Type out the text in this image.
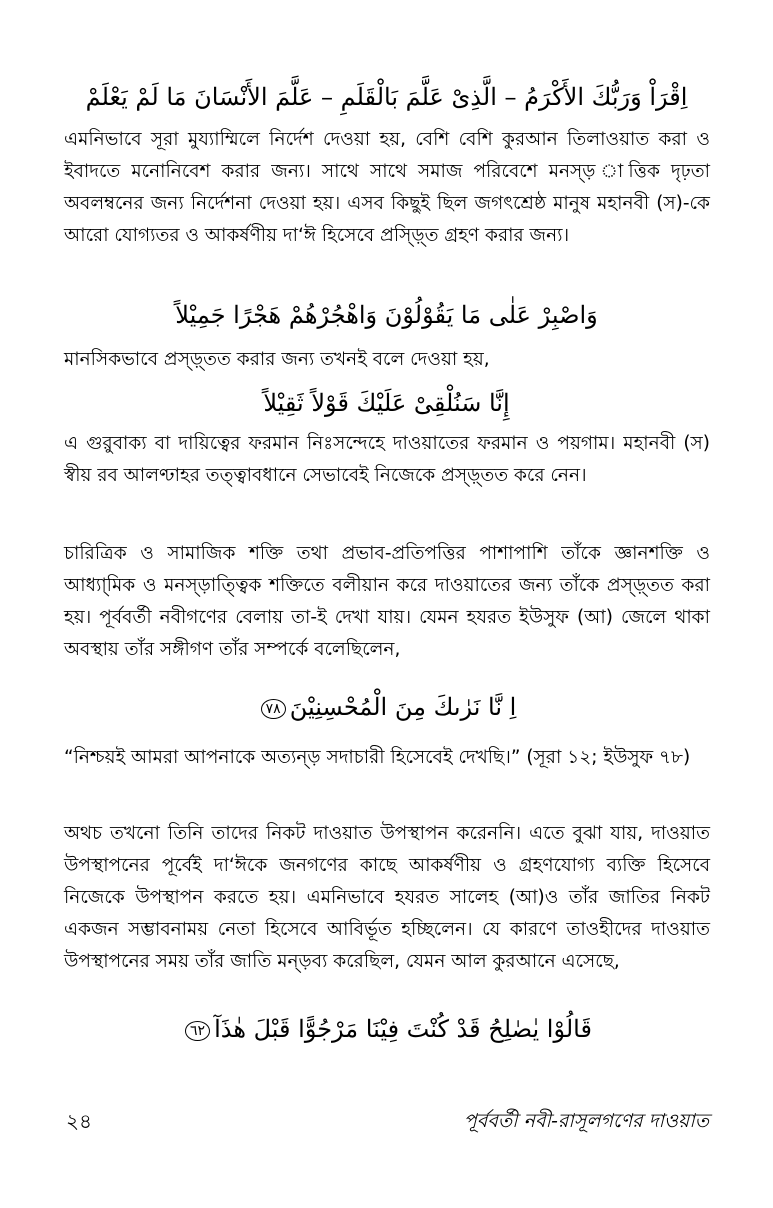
اِقْرَاْ وَرَبُّكَ الأَكْرَمُ – الَّذِىْ عَلَّمَ بَالْقَلَمِ – عَلَّمَ الأَنْسَانَ مَا لَمْ يَعْلَمْ

এমনিভাবে সূরা মুয্যাম্মিলে নির্দেশ দেওয়া হয়, বেশি বেশি কুরআন তিলাওয়াত করা ও ইবাদতে মনোনিবেশ করার জন্য। সাথে সাথে সমাজ পরিবেশে মনস্ড় াত্তিক দৃঢ়তা অবলম্বনের জন্য নির্দেশনা দেওয়া হয়। এসব কিছুই ছিল জগৎশ্রেষ্ঠ মানুষ মহানবী (স)-কে আরো যোগ্যতর ও আকর্ষণীয় দা‘ঈ হিসেবে প্রস্ড়্তি গ্রহণ করার জন্য।

وَاصْبِرْ عَلٰى مَا يَقُوْلُوْنَ وَاهْجُرْهُمْ هَجْرًا جَمِيْلاً

মানসিকভাবে প্রস্ড়্তত করার জন্য তখনই বলে দেওয়া হয়,

إِنَّا سَنُلْقِىْ عَلَيْكَ قَوْلاً ثَقِيْلاً

এ গুর‍ুবাক্য বা দায়িত্বের ফরমান নিঃসন্দেহে দাওয়াতের ফরমান ও পয়গাম। মহানবী (স) স্বীয় রব আলণ্ঢাহর তত্ত্বাবধানে সেভাবেই নিজেকে প্রস্ড়্তত করে নেন।

চারিত্রিক ও সামাজিক শক্তি তথা প্রভাব-প্রতিপত্তির পাশাপাশি তাঁকে জ্ঞানশক্তি ও আধ্যা্মিক ও মনস্ড়াত্ত্বিক শক্তিতে বলীয়ান করে দাওয়াতের জন্য তাঁকে প্রস্ড়্তত করা হয়। পূর্ববর্তী নবীগণের বেলায় তা-ই দেখা যায়। যেমন হযরত ইউসুফ (আ) জেলে থাকা অবস্থায় তাঁর সঙ্গীগণ তাঁর সম্পর্কে বলেছিলেন,

اِ نَّا نَرٰىكَ مِنَ الْمُحْسِنِيْنَ٧٨

“নিশ্চয়ই আমরা আপনাকে অত্যন্ড় সদাচারী হিসেবেই দেখছি।” (সূরা ১২; ইউসুফ ৭৮)

অথচ তখনো তিনি তাদের নিকট দাওয়াত উপস্থাপন করেননি। এতে বুঝা যায়, দাওয়াত উপস্থাপনের পূর্বেই দা‘ঈকে জনগণের কাছে আকর্ষণীয় ও গ্রহণযোগ্য ব্যক্তি হিসেবে নিজেকে উপস্থাপন করতে হয়। এমনিভাবে হযরত সালেহ (আ)ও তাঁর জাতির নিকট একজন সম্ভাবনাময় নেতা হিসেবে আবির্ভূত হচ্ছিলেন। যে কারণে তাওহীদের দাওয়াত উপস্থাপনের সময় তাঁর জাতি মন্ড়ব্য করেছিল, যেমন আল কুরআনে এসেছে,

قَالُوْا يٰصٰلِحُ قَدْ كُنْتَ فِيْنَا مَرْجُوًّا قَبْلَ هٰذَآ٦٢
২৪	পূর্ববর্তী নবী-রাসূলগণের দাওয়াত
